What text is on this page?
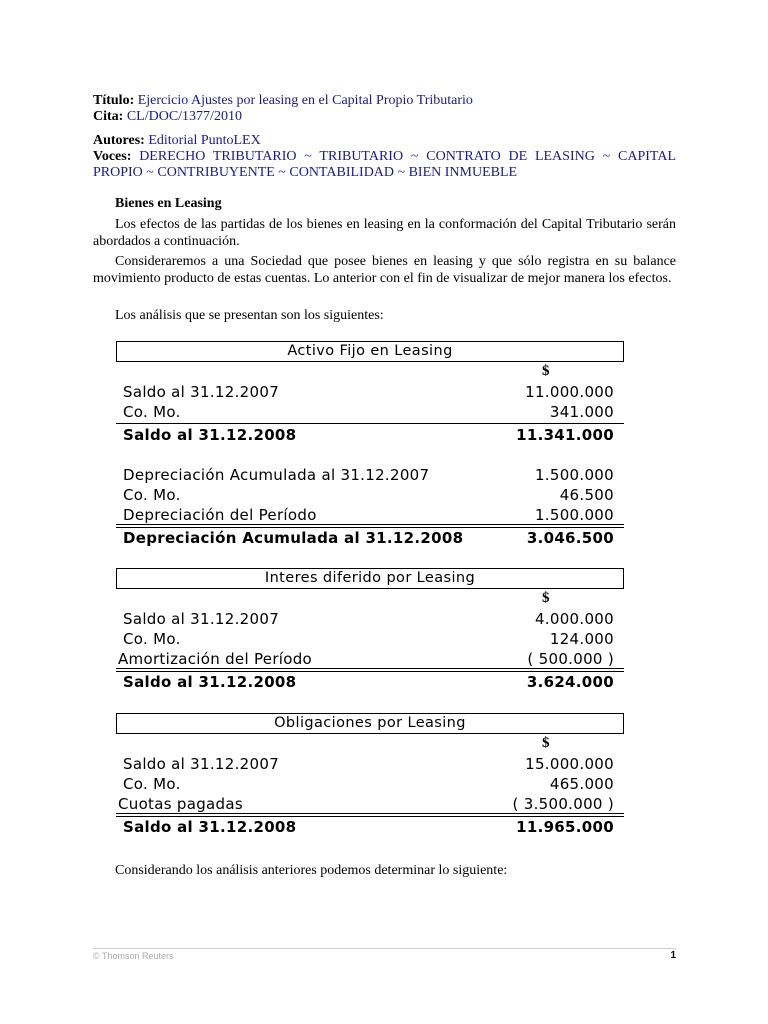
Título: Ejercicio Ajustes por leasing en el Capital Propio Tributario
Cita: CL/DOC/1377/2010
Autores: Editorial PuntoLEX
Voces: DERECHO TRIBUTARIO ~ TRIBUTARIO ~ CONTRATO DE LEASING ~ CAPITAL PROPIO ~ CONTRIBUYENTE ~ CONTABILIDAD ~ BIEN INMUEBLE
Bienes en Leasing
Los efectos de las partidas de los bienes en leasing en la conformación del Capital Tributario serán abordados a continuación.
Consideraremos a una Sociedad que posee bienes en leasing y que sólo registra en su balance movimiento producto de estas cuentas. Lo anterior con el fin de visualizar de mejor manera los efectos.
Los análisis que se presentan son los siguientes:
Activo Fijo en Leasing
$
Saldo al 31.12.2007	11.000.000
Co. Mo.	341.000
Saldo al 31.12.2008	11.341.000
Depreciación Acumulada al 31.12.2007	1.500.000
Co. Mo.	46.500
Depreciación del Período	1.500.000
Depreciación Acumulada al 31.12.2008	3.046.500
Interes diferido por Leasing
$
Saldo al 31.12.2007	4.000.000
Co. Mo.	124.000
Amortización del Período	( 500.000 )
Saldo al 31.12.2008	3.624.000
Obligaciones por Leasing
$
Saldo al 31.12.2007	15.000.000
Co. Mo.	465.000
Cuotas pagadas	( 3.500.000 )
Saldo al 31.12.2008	11.965.000
Considerando los análisis anteriores podemos determinar lo siguiente:
© Thomson Reuters	1
